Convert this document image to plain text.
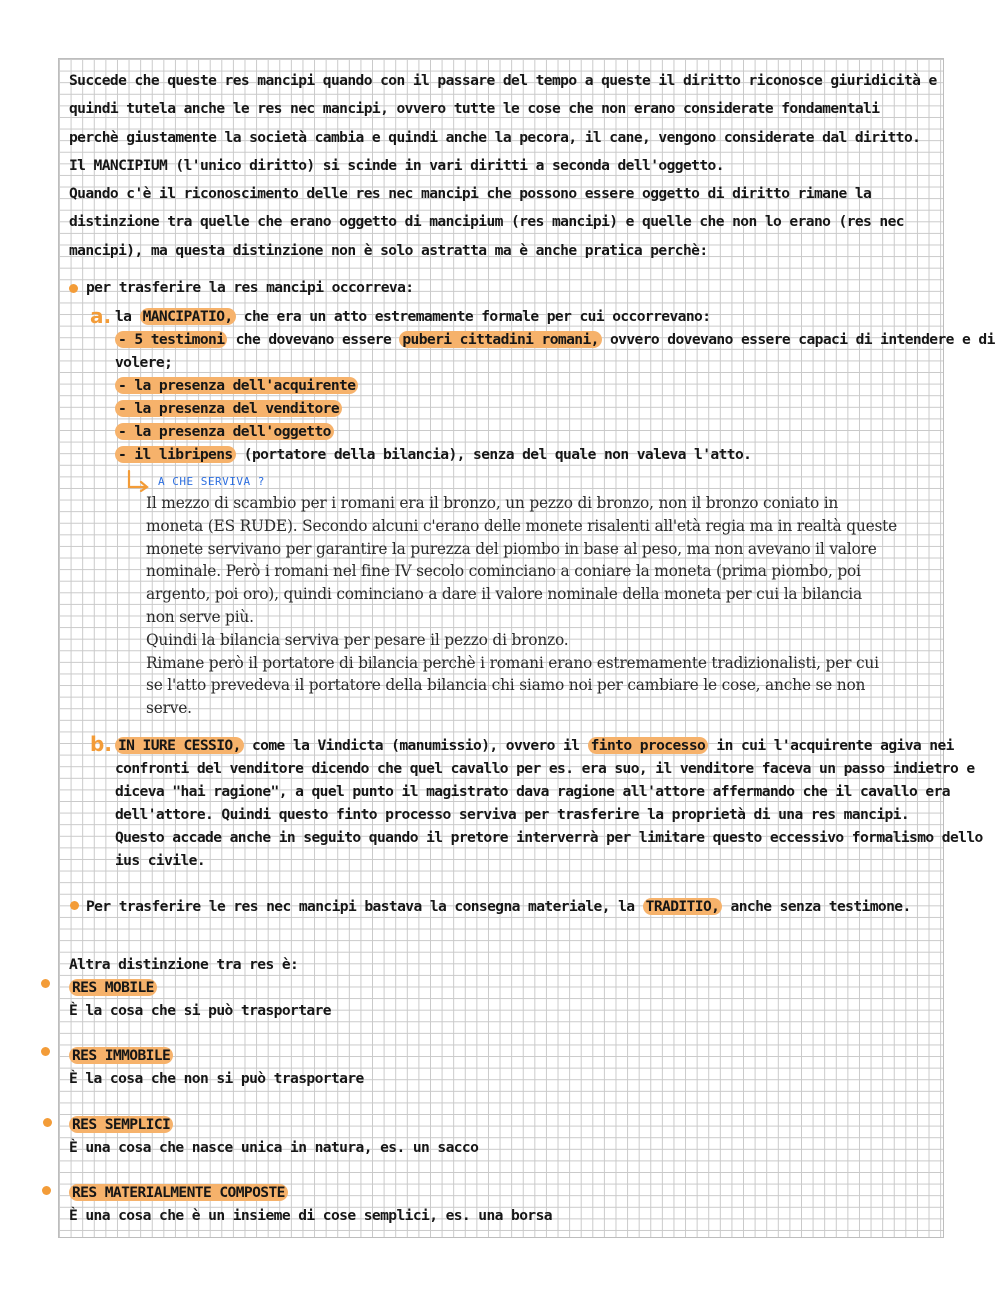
Succede che queste res mancipi quando con il passare del tempo a queste il diritto riconosce giuridicità e
quindi tutela anche le res nec mancipi, ovvero tutte le cose che non erano considerate fondamentali
perchè giustamente la società cambia e quindi anche la pecora, il cane, vengono considerate dal diritto.
Il MANCIPIUM (l'unico diritto) si scinde in vari diritti a seconda dell'oggetto.
Quando c'è il riconoscimento delle res nec mancipi che possono essere oggetto di diritto rimane la
distinzione tra quelle che erano oggetto di mancipium (res mancipi) e quelle che non lo erano (res nec
mancipi), ma questa distinzione non è solo astratta ma è anche pratica perchè:
per trasferire la res mancipi occorreva:
a. la MANCIPATIO, che era un atto estremamente formale per cui occorrevano:
- 5 testimoni che dovevano essere puberi cittadini romani, ovvero dovevano essere capaci di intendere e di
volere;
- la presenza dell'acquirente
- la presenza del venditore
- la presenza dell'oggetto
- il libripens (portatore della bilancia), senza del quale non valeva l'atto.
A CHE SERVIVA ?
Il mezzo di scambio per i romani era il bronzo, un pezzo di bronzo, non il bronzo coniato in
moneta (ES RUDE). Secondo alcuni c'erano delle monete risalenti all'età regia ma in realtà queste
monete servivano per garantire la purezza del piombo in base al peso, ma non avevano il valore
nominale. Però i romani nel fine IV secolo cominciano a coniare la moneta (prima piombo, poi
argento, poi oro), quindi cominciano a dare il valore nominale della moneta per cui la bilancia
non serve più.
Quindi la bilancia serviva per pesare il pezzo di bronzo.
Rimane però il portatore di bilancia perchè i romani erano estremamente tradizionalisti, per cui
se l'atto prevedeva il portatore della bilancia chi siamo noi per cambiare le cose, anche se non
serve.
b. IN IURE CESSIO, come la Vindicta (manumissio), ovvero il finto processo in cui l'acquirente agiva nei
confronti del venditore dicendo che quel cavallo per es. era suo, il venditore faceva un passo indietro e
diceva "hai ragione", a quel punto il magistrato dava ragione all'attore affermando che il cavallo era
dell'attore. Quindi questo finto processo serviva per trasferire la proprietà di una res mancipi.
Questo accade anche in seguito quando il pretore interverrà per limitare questo eccessivo formalismo dello
ius civile.
Per trasferire le res nec mancipi bastava la consegna materiale, la TRADITIO, anche senza testimone.
Altra distinzione tra res è:
RES MOBILE
È la cosa che si può trasportare
RES IMMOBILE
È la cosa che non si può trasportare
RES SEMPLICI
È una cosa che nasce unica in natura, es. un sacco
RES MATERIALMENTE COMPOSTE
È una cosa che è un insieme di cose semplici, es. una borsa
